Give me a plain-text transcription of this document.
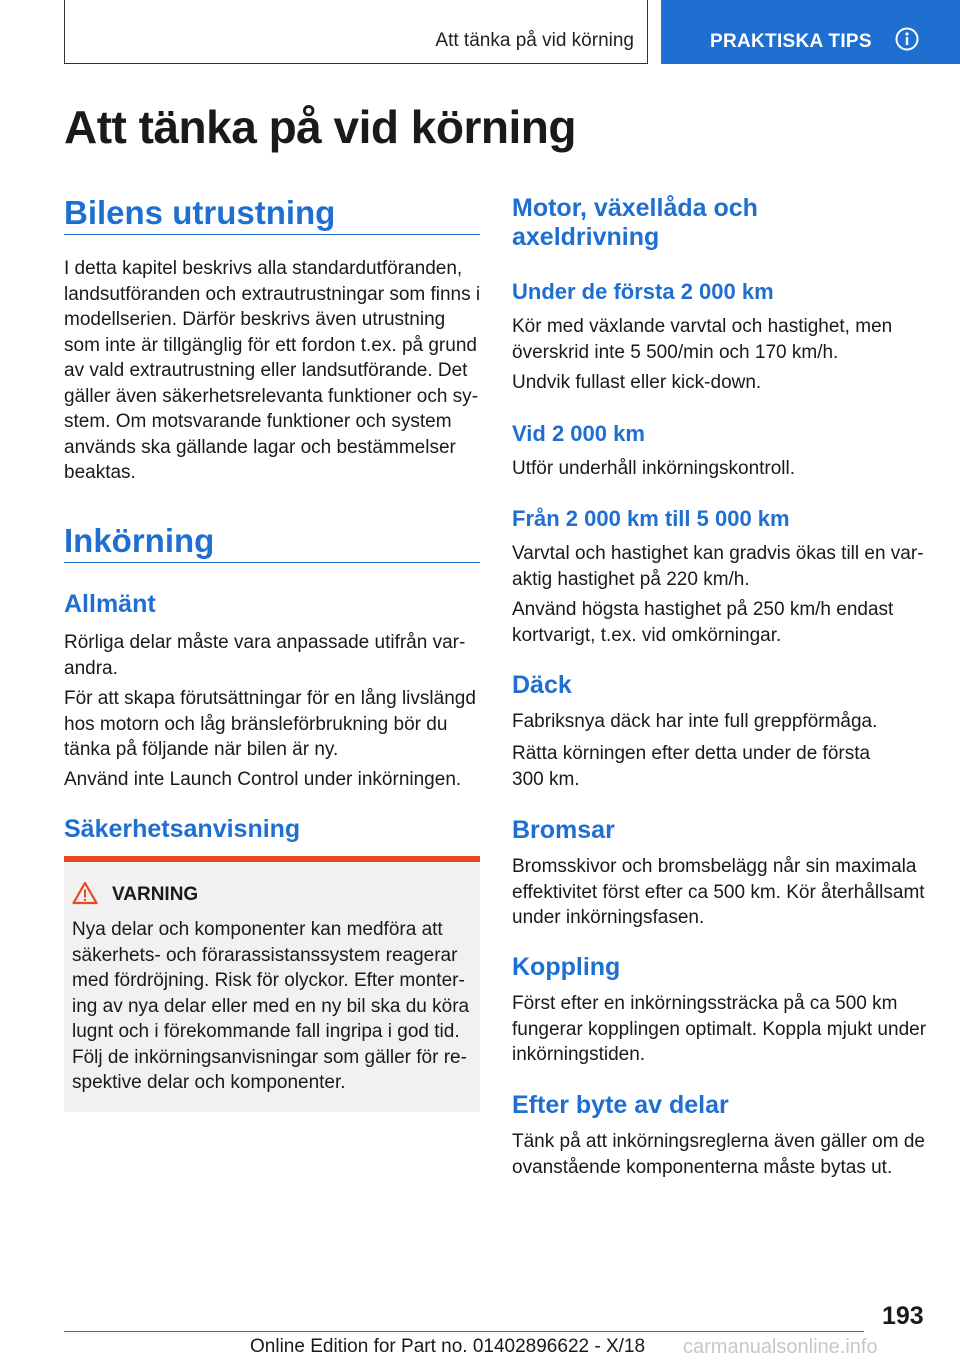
Att tänka på vid körning	PRAKTISKA TIPS
Att tänka på vid körning
Bilens utrustning

I detta kapitel beskrivs alla standardutföranden, landsutföranden och extrautrustningar som finns i modellserien. Därför beskrivs även utrustning som inte är tillgänglig för ett fordon t.ex. på grund av vald extrautrustning eller landsutförande. Det gäller även säkerhetsrelevanta funktioner och system. Om motsvarande funktioner och system används ska gällande lagar och bestämmelser beaktas.

Inkörning
Allmänt

Rörliga delar måste vara anpassade utifrån varandra.

För att skapa förutsättningar för en lång livslängd hos motorn och låg bränsleförbrukning bör du tänka på följande när bilen är ny.

Använd inte Launch Control under inkörningen.

Säkerhetsanvisning
VARNING

Nya delar och komponenter kan medföra att säkerhets- och förarassistanssystem reagerar med fördröjning. Risk för olyckor. Efter montering av nya delar eller med en ny bil ska du köra lugnt och i förekommande fall ingripa i god tid. Följ de inkörningsanvisningar som gäller för respektive delar och komponenter.

Motor, växellåda och axeldrivning
Under de första 2 000 km

Kör med växlande varvtal och hastighet, men överskrid inte 5 500/min och 170 km/h.

Undvik fullast eller kick-down.

Vid 2 000 km

Utför underhåll inkörningskontroll.

Från 2 000 km till 5 000 km

Varvtal och hastighet kan gradvis ökas till en varaktig hastighet på 220 km/h.

Använd högsta hastighet på 250 km/h endast kortvarigt, t.ex. vid omkörningar.

Däck

Fabriksnya däck har inte full greppförmåga.

Rätta körningen efter detta under de första 300 km.

Bromsar

Bromsskivor och bromsbelägg når sin maximala effektivitet först efter ca 500 km. Kör återhållsamt under inkörningsfasen.

Koppling

Först efter en inkörningssträcka på ca 500 km fungerar kopplingen optimalt. Koppla mjukt under inkörningstiden.

Efter byte av delar

Tänk på att inkörningsreglerna även gäller om de ovanstående komponenterna måste bytas ut.

193
Online Edition for Part no. 01402896622 - X/18 carmanualsonline.info
